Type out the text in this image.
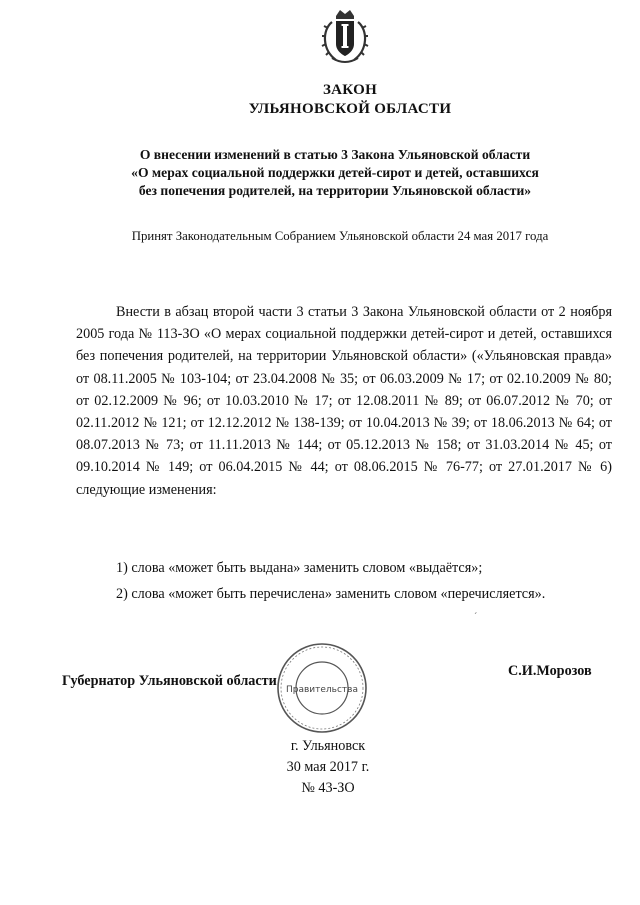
ЗАКОН
УЛЬЯНОВСКОЙ ОБЛАСТИ
О внесении изменений в статью 3 Закона Ульяновской области
«О мерах социальной поддержки детей-сирот и детей, оставшихся
без попечения родителей, на территории Ульяновской области»
Принят Законодательным Собранием Ульяновской области 24 мая 2017 года
Внести в абзац второй части 3 статьи 3 Закона Ульяновской области от 2 ноября 2005 года № 113-ЗО «О мерах социальной поддержки детей-сирот и детей, оставшихся без попечения родителей, на территории Ульяновской области» («Ульяновская правда» от 08.11.2005 № 103-104; от 23.04.2008 № 35; от 06.03.2009 № 17; от 02.10.2009 № 80; от 02.12.2009 № 96; от 10.03.2010 № 17; от 12.08.2011 № 89; от 06.07.2012 № 70; от 02.11.2012 № 121; от 12.12.2012 № 138-139; от 10.04.2013 № 39; от 18.06.2013 № 64; от 08.07.2013 № 73; от 11.11.2013 № 144; от 05.12.2013 № 158; от 31.03.2014 № 45; от 09.10.2014 № 149; от 06.04.2015 № 44; от 08.06.2015 № 76-77; от 27.01.2017 № 6) следующие изменения:
1) слова «может быть выдана» заменить словом «выдаётся»;
2) слова «может быть перечислена» заменить словом «перечисляется».
ˊ
Правительства
Губернатор Ульяновской области
С.И.Морозов
г. Ульяновск
30 мая 2017 г.
№ 43-ЗО
